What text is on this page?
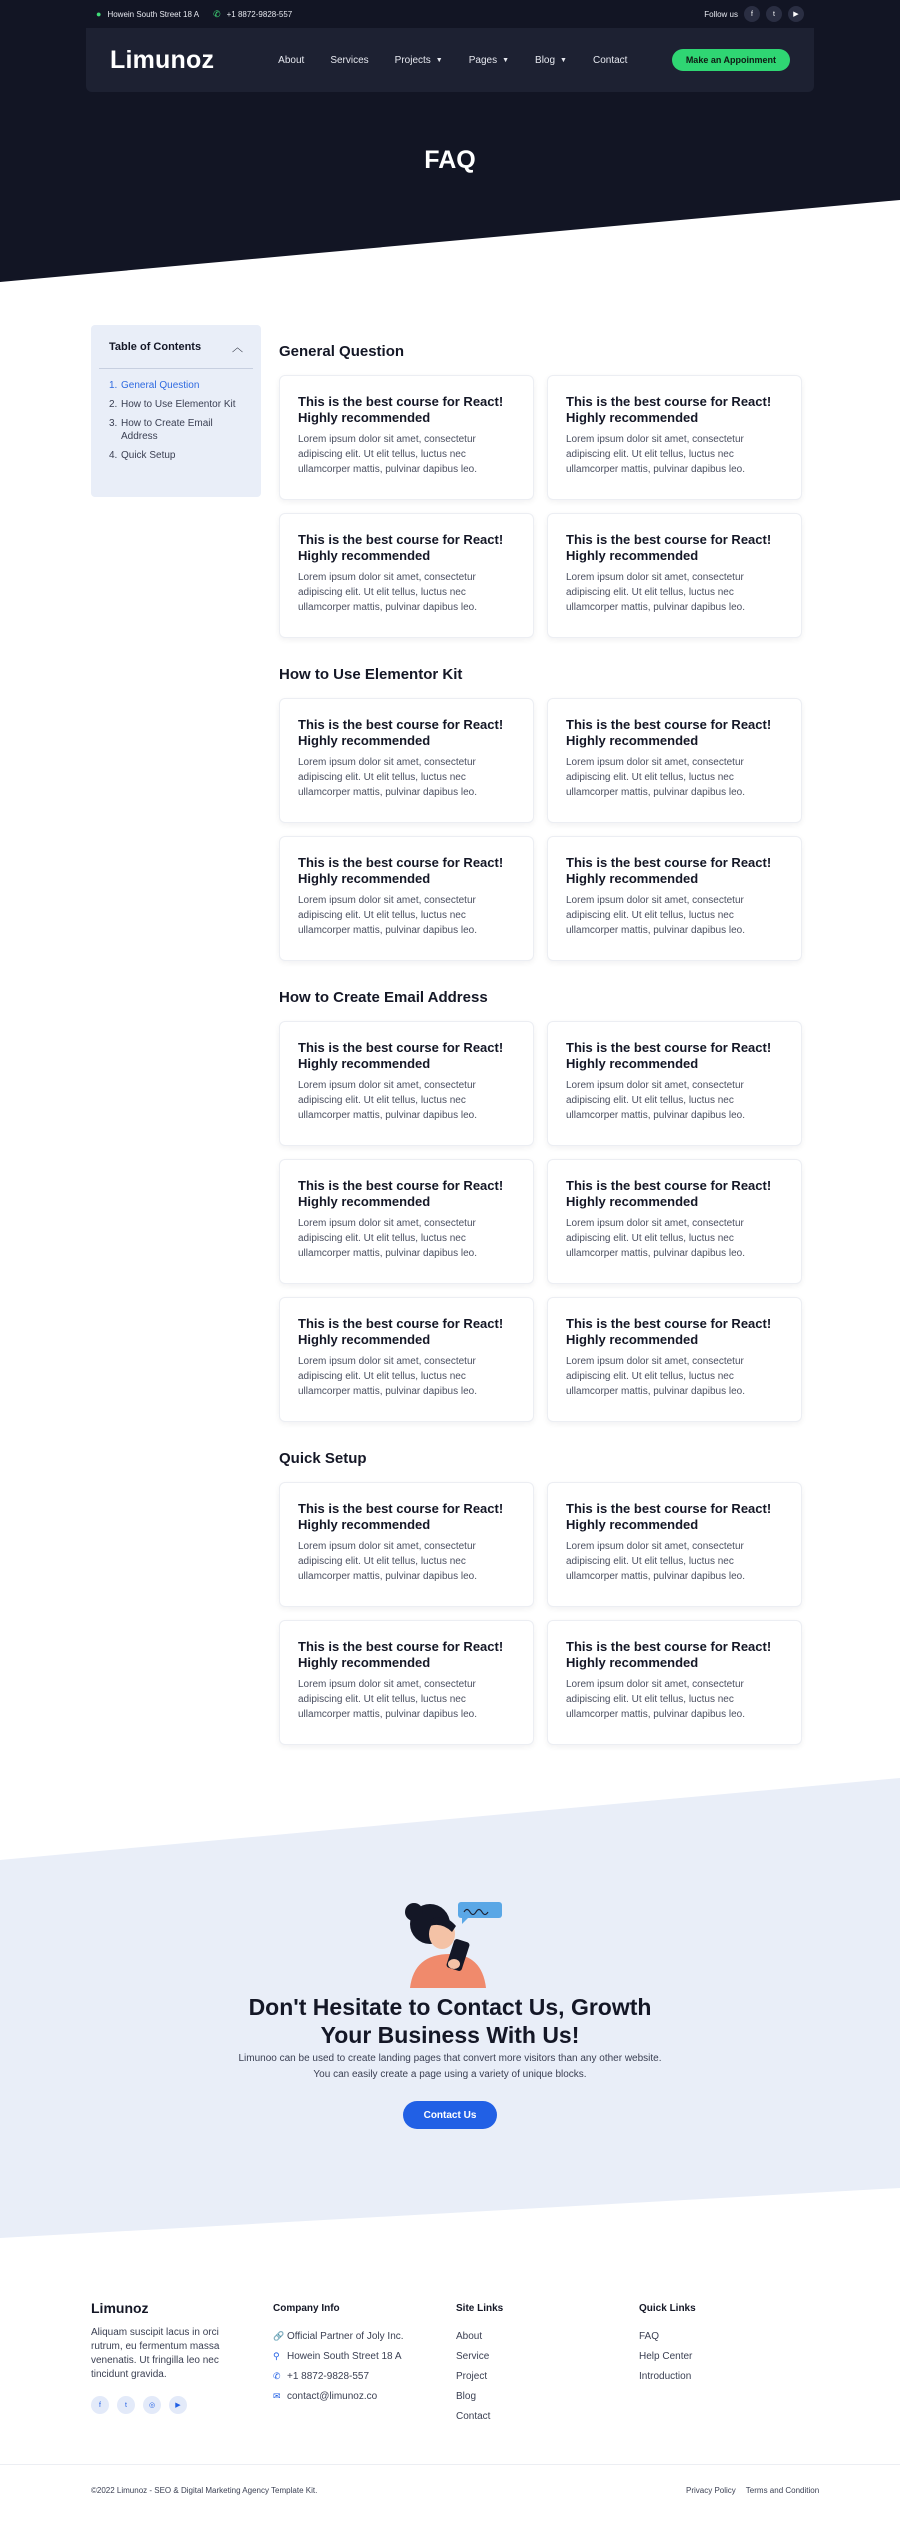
● Howein South Street 18 A ✆ +1 8872-9828-557	Follow us	f	t	▶
Limunoz	About	Services	Projects ▼	Pages ▼	Blog ▼	Contact	Make an Appoinment
FAQ
Table of Contents	︿
1. General Question
2. How to Use Elementor Kit
3. How to Create Email Address
4. Quick Setup
General Question
This is the best course for React! Highly recommended
Lorem ipsum dolor sit amet, consectetur adipiscing elit. Ut elit tellus, luctus nec ullamcorper mattis, pulvinar dapibus leo.
This is the best course for React! Highly recommended
Lorem ipsum dolor sit amet, consectetur adipiscing elit. Ut elit tellus, luctus nec ullamcorper mattis, pulvinar dapibus leo.
This is the best course for React! Highly recommended
Lorem ipsum dolor sit amet, consectetur adipiscing elit. Ut elit tellus, luctus nec ullamcorper mattis, pulvinar dapibus leo.
This is the best course for React! Highly recommended
Lorem ipsum dolor sit amet, consectetur adipiscing elit. Ut elit tellus, luctus nec ullamcorper mattis, pulvinar dapibus leo.
How to Use Elementor Kit
This is the best course for React! Highly recommended
Lorem ipsum dolor sit amet, consectetur adipiscing elit. Ut elit tellus, luctus nec ullamcorper mattis, pulvinar dapibus leo.
This is the best course for React! Highly recommended
Lorem ipsum dolor sit amet, consectetur adipiscing elit. Ut elit tellus, luctus nec ullamcorper mattis, pulvinar dapibus leo.
This is the best course for React! Highly recommended
Lorem ipsum dolor sit amet, consectetur adipiscing elit. Ut elit tellus, luctus nec ullamcorper mattis, pulvinar dapibus leo.
This is the best course for React! Highly recommended
Lorem ipsum dolor sit amet, consectetur adipiscing elit. Ut elit tellus, luctus nec ullamcorper mattis, pulvinar dapibus leo.
How to Create Email Address
This is the best course for React! Highly recommended
Lorem ipsum dolor sit amet, consectetur adipiscing elit. Ut elit tellus, luctus nec ullamcorper mattis, pulvinar dapibus leo.
This is the best course for React! Highly recommended
Lorem ipsum dolor sit amet, consectetur adipiscing elit. Ut elit tellus, luctus nec ullamcorper mattis, pulvinar dapibus leo.
This is the best course for React! Highly recommended
Lorem ipsum dolor sit amet, consectetur adipiscing elit. Ut elit tellus, luctus nec ullamcorper mattis, pulvinar dapibus leo.
This is the best course for React! Highly recommended
Lorem ipsum dolor sit amet, consectetur adipiscing elit. Ut elit tellus, luctus nec ullamcorper mattis, pulvinar dapibus leo.
This is the best course for React! Highly recommended
Lorem ipsum dolor sit amet, consectetur adipiscing elit. Ut elit tellus, luctus nec ullamcorper mattis, pulvinar dapibus leo.
This is the best course for React! Highly recommended
Lorem ipsum dolor sit amet, consectetur adipiscing elit. Ut elit tellus, luctus nec ullamcorper mattis, pulvinar dapibus leo.
Quick Setup
This is the best course for React! Highly recommended
Lorem ipsum dolor sit amet, consectetur adipiscing elit. Ut elit tellus, luctus nec ullamcorper mattis, pulvinar dapibus leo.
This is the best course for React! Highly recommended
Lorem ipsum dolor sit amet, consectetur adipiscing elit. Ut elit tellus, luctus nec ullamcorper mattis, pulvinar dapibus leo.
This is the best course for React! Highly recommended
Lorem ipsum dolor sit amet, consectetur adipiscing elit. Ut elit tellus, luctus nec ullamcorper mattis, pulvinar dapibus leo.
This is the best course for React! Highly recommended
Lorem ipsum dolor sit amet, consectetur adipiscing elit. Ut elit tellus, luctus nec ullamcorper mattis, pulvinar dapibus leo.
Don't Hesitate to Contact Us, Growth
Your Business With Us!
Limunoo can be used to create landing pages that convert more visitors than any other website.
You can easily create a page using a variety of unique blocks.
Contact Us
Limunoz
Aliquam suscipit lacus in orci rutrum, eu fermentum massa venenatis. Ut fringilla leo nec tincidunt gravida.
f	t	◎	▶
Company Info
🔗 Official Partner of Joly Inc.
⚲ Howein South Street 18 A
✆ +1 8872-9828-557
✉ contact@limunoz.co
Site Links
About
Service
Project
Blog
Contact
Quick Links
FAQ
Help Center
Introduction
©2022 Limunoz - SEO & Digital Marketing Agency Template Kit.	Privacy Policy Terms and Condition
